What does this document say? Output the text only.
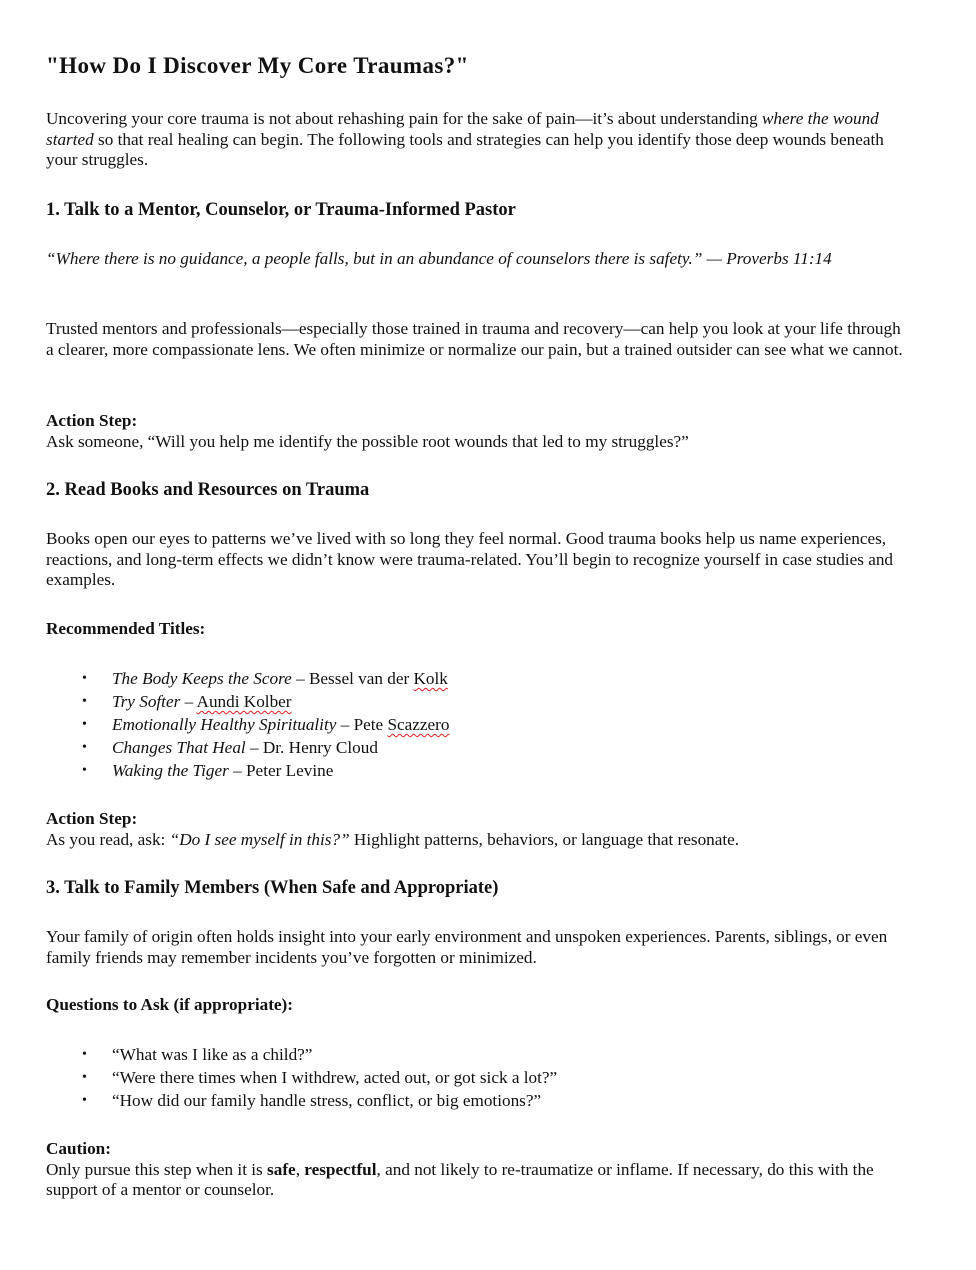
"How Do I Discover My Core Traumas?"

Uncovering your core trauma is not about rehashing pain for the sake of pain—it’s about understanding where the wound started so that real healing can begin. The following tools and strategies can help you identify those deep wounds beneath your struggles.

1. Talk to a Mentor, Counselor, or Trauma-Informed Pastor

“Where there is no guidance, a people falls, but in an abundance of counselors there is safety.” — Proverbs 11:14

Trusted mentors and professionals—especially those trained in trauma and recovery—can help you look at your life through a clearer, more compassionate lens. We often minimize or normalize our pain, but a trained outsider can see what we cannot.

Action Step:
Ask someone, “Will you help me identify the possible root wounds that led to my struggles?”

2. Read Books and Resources on Trauma

Books open our eyes to patterns we’ve lived with so long they feel normal. Good trauma books help us name experiences, reactions, and long-term effects we didn’t know were trauma-related. You’ll begin to recognize yourself in case studies and examples.

Recommended Titles:

• The Body Keeps the Score – Bessel van der Kolk
• Try Softer – Aundi Kolber
• Emotionally Healthy Spirituality – Pete Scazzero
• Changes That Heal – Dr. Henry Cloud
• Waking the Tiger – Peter Levine

Action Step:
As you read, ask: “Do I see myself in this?” Highlight patterns, behaviors, or language that resonate.

3. Talk to Family Members (When Safe and Appropriate)

Your family of origin often holds insight into your early environment and unspoken experiences. Parents, siblings, or even family friends may remember incidents you’ve forgotten or minimized.

Questions to Ask (if appropriate):

• “What was I like as a child?”
• “Were there times when I withdrew, acted out, or got sick a lot?”
• “How did our family handle stress, conflict, or big emotions?”

Caution:
Only pursue this step when it is safe, respectful, and not likely to re-traumatize or inflame. If necessary, do this with the support of a mentor or counselor.
